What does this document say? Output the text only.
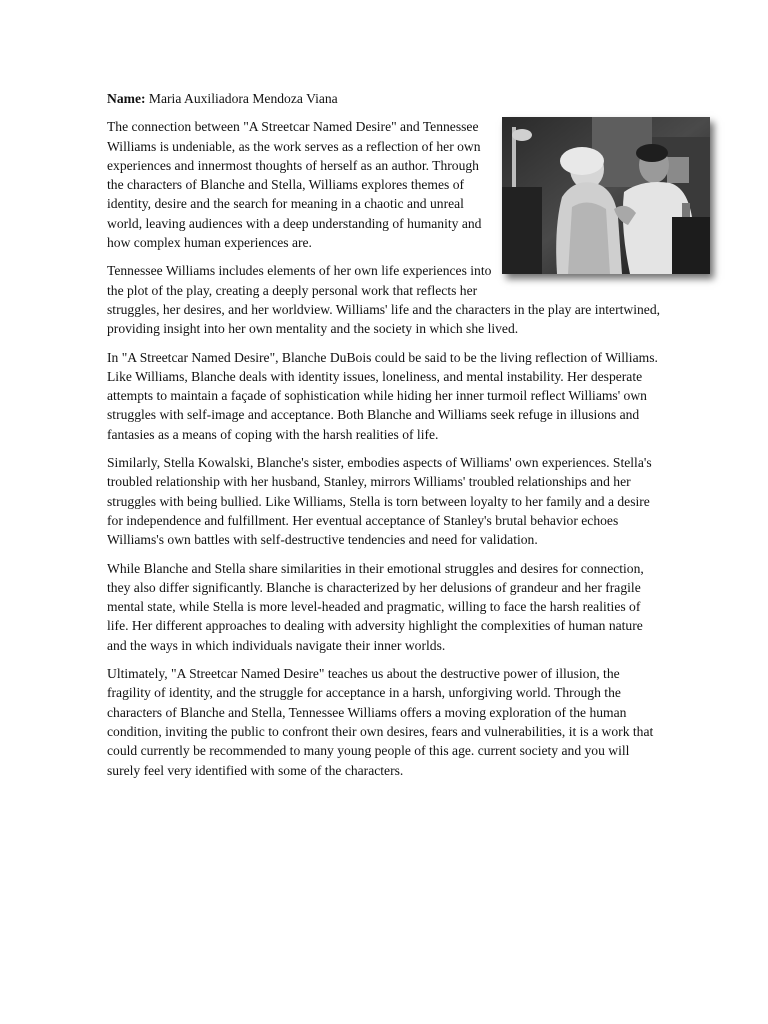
Name: Maria Auxiliadora Mendoza Viana

The connection between "A Streetcar Named Desire" and Tennessee Williams is undeniable, as the work serves as a reflection of her own experiences and innermost thoughts of herself as an author. Through the characters of Blanche and Stella, Williams explores themes of identity, desire and the search for meaning in a chaotic and unreal world, leaving audiences with a deep understanding of humanity and how complex human experiences are.

Tennessee Williams includes elements of her own life experiences into the plot of the play, creating a deeply personal work that reflects her struggles, her desires, and her worldview. Williams' life and the characters in the play are intertwined, providing insight into her own mentality and the society in which she lived.

In "A Streetcar Named Desire", Blanche DuBois could be said to be the living reflection of Williams. Like Williams, Blanche deals with identity issues, loneliness, and mental instability. Her desperate attempts to maintain a façade of sophistication while hiding her inner turmoil reflect Williams' own struggles with self-image and acceptance. Both Blanche and Williams seek refuge in illusions and fantasies as a means of coping with the harsh realities of life.

Similarly, Stella Kowalski, Blanche's sister, embodies aspects of Williams' own experiences. Stella's troubled relationship with her husband, Stanley, mirrors Williams' troubled relationships and her struggles with being bullied. Like Williams, Stella is torn between loyalty to her family and a desire for independence and fulfillment. Her eventual acceptance of Stanley's brutal behavior echoes Williams's own battles with self-destructive tendencies and need for validation.

While Blanche and Stella share similarities in their emotional struggles and desires for connection, they also differ significantly. Blanche is characterized by her delusions of grandeur and her fragile mental state, while Stella is more level-headed and pragmatic, willing to face the harsh realities of life. Her different approaches to dealing with adversity highlight the complexities of human nature and the ways in which individuals navigate their inner worlds.

Ultimately, "A Streetcar Named Desire" teaches us about the destructive power of illusion, the fragility of identity, and the struggle for acceptance in a harsh, unforgiving world. Through the characters of Blanche and Stella, Tennessee Williams offers a moving exploration of the human condition, inviting the public to confront their own desires, fears and vulnerabilities, it is a work that could currently be recommended to many young people of this age. current society and you will surely feel very identified with some of the characters.
